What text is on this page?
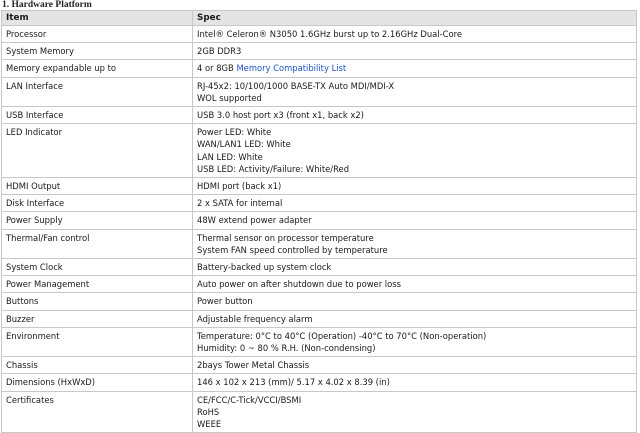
1. Hardware Platform
Item	Spec
Processor	Intel® Celeron® N3050 1.6GHz burst up to 2.16GHz Dual-Core

System Memory	2GB DDR3

Memory expandable up to	4 or 8GB Memory Compatibility List

LAN Interface	RJ-45x2: 10/100/1000 BASE-TX Auto MDI/MDI-X
WOL supported

USB Interface	USB 3.0 host port x3 (front x1, back x2)

LED Indicator	Power LED: White
WAN/LAN1 LED: White
LAN LED: White
USB LED: Activity/Failure: White/Red

HDMI Output	HDMI port (back x1)

Disk Interface	2 x SATA for internal

Power Supply	48W extend power adapter

Thermal/Fan control	Thermal sensor on processor temperature
System FAN speed controlled by temperature

System Clock	Battery-backed up system clock

Power Management	Auto power on after shutdown due to power loss

Buttons	Power button

Buzzer	Adjustable frequency alarm

Environment	Temperature: 0°C to 40°C (Operation) -40°C to 70°C (Non-operation)
Humidity: 0 ~ 80 % R.H. (Non-condensing)

Chassis	2bays Tower Metal Chassis

Dimensions (HxWxD)	146 x 102 x 213 (mm)/ 5.17 x 4.02 x 8.39 (in)

Certificates	CE/FCC/C-Tick/VCCI/BSMI
RoHS
WEEE
